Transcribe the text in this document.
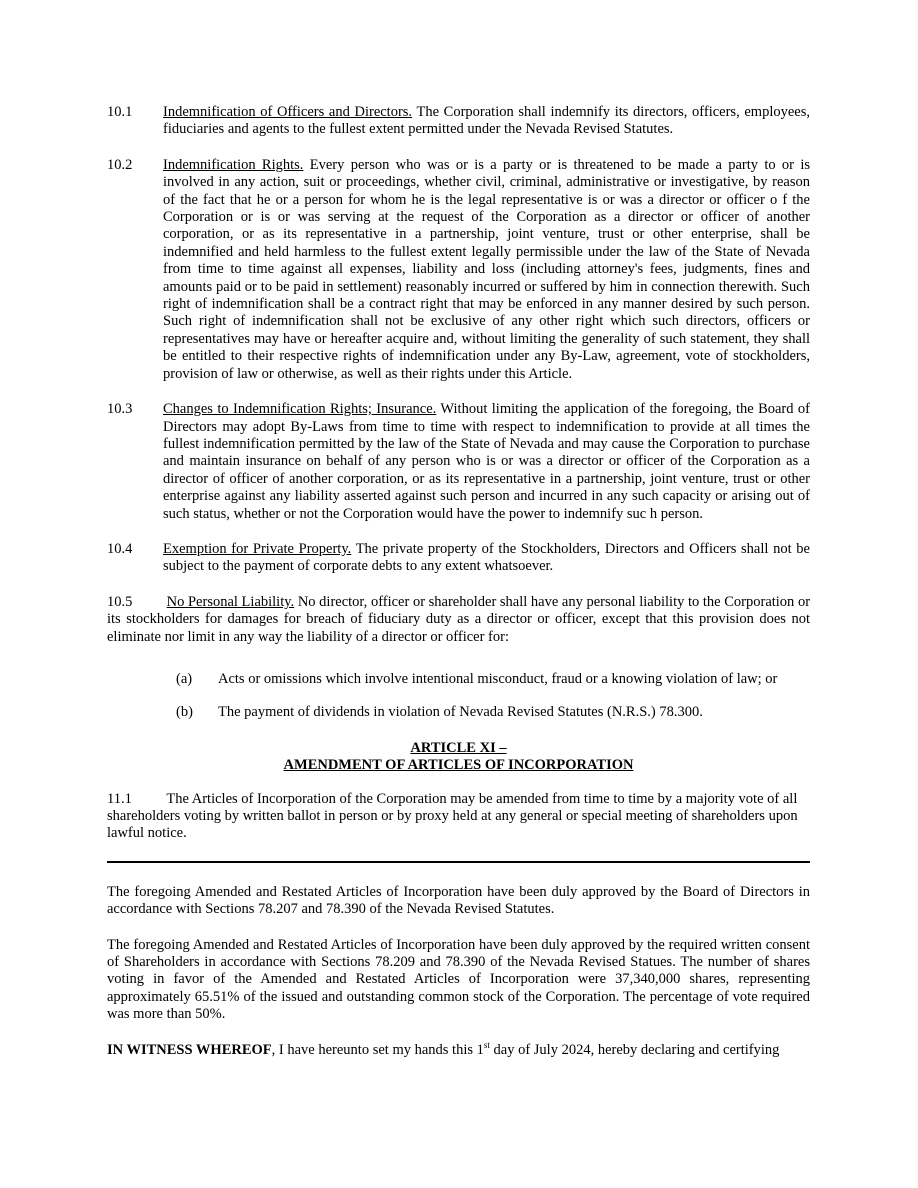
10.1 Indemnification of Officers and Directors. The Corporation shall indemnify its directors, officers, employees, fiduciaries and agents to the fullest extent permitted under the Nevada Revised Statutes.

10.2 Indemnification Rights. Every person who was or is a party or is threatened to be made a party to or is involved in any action, suit or proceedings, whether civil, criminal, administrative or investigative, by reason of the fact that he or a person for whom he is the legal representative is or was a director or officer o f the Corporation or is or was serving at the request of the Corporation as a director or officer of another corporation, or as its representative in a partnership, joint venture, trust or other enterprise, shall be indemnified and held harmless to the fullest extent legally permissible under the law of the State of Nevada from time to time against all expenses, liability and loss (including attorney's fees, judgments, fines and amounts paid or to be paid in settlement) reasonably incurred or suffered by him in connection therewith. Such right of indemnification shall be a contract right that may be enforced in any manner desired by such person. Such right of indemnification shall not be exclusive of any other right which such directors, officers or representatives may have or hereafter acquire and, without limiting the generality of such statement, they shall be entitled to their respective rights of indemnification under any By-Law, agreement, vote of stockholders, provision of law or otherwise, as well as their rights under this Article.

10.3 Changes to Indemnification Rights; Insurance. Without limiting the application of the foregoing, the Board of Directors may adopt By-Laws from time to time with respect to indemnification to provide at all times the fullest indemnification permitted by the law of the State of Nevada and may cause the Corporation to purchase and maintain insurance on behalf of any person who is or was a director or officer of the Corporation as a director of officer of another corporation, or as its representative in a partnership, joint venture, trust or other enterprise against any liability asserted against such person and incurred in any such capacity or arising out of such status, whether or not the Corporation would have the power to indemnify suc h person.

10.4 Exemption for Private Property. The private property of the Stockholders, Directors and Officers shall not be subject to the payment of corporate debts to any extent whatsoever.

10.5 No Personal Liability. No director, officer or shareholder shall have any personal liability to the Corporation or its stockholders for damages for breach of fiduciary duty as a director or officer, except that this provision does not eliminate nor limit in any way the liability of a director or officer for:

(a) Acts or omissions which involve intentional misconduct, fraud or a knowing violation of law; or

(b) The payment of dividends in violation of Nevada Revised Statutes (N.R.S.) 78.300.

ARTICLE XI –
AMENDMENT OF ARTICLES OF INCORPORATION

11.1 The Articles of Incorporation of the Corporation may be amended from time to time by a majority vote of all shareholders voting by written ballot in person or by proxy held at any general or special meeting of shareholders upon lawful notice.

The foregoing Amended and Restated Articles of Incorporation have been duly approved by the Board of Directors in accordance with Sections 78.207 and 78.390 of the Nevada Revised Statutes.

The foregoing Amended and Restated Articles of Incorporation have been duly approved by the required written consent of Shareholders in accordance with Sections 78.209 and 78.390 of the Nevada Revised Statues. The number of shares voting in favor of the Amended and Restated Articles of Incorporation were 37,340,000 shares, representing approximately 65.51% of the issued and outstanding common stock of the Corporation. The percentage of vote required was more than 50%.

IN WITNESS WHEREOF, I have hereunto set my hands this 1st day of July 2024, hereby declaring and certifying
